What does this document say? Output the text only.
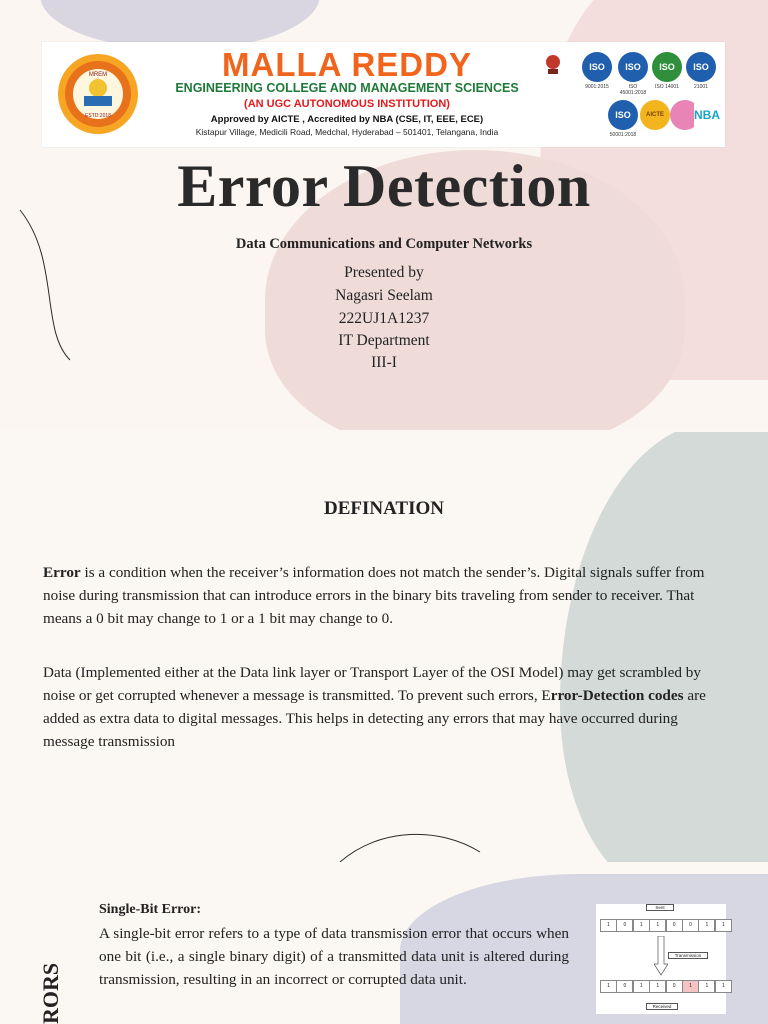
MREM
ESTD:2018
MALLA REDDY
ENGINEERING COLLEGE AND MANAGEMENT SCIENCES
(AN UGC AUTONOMOUS INSTITUTION)
Approved by AICTE , Accredited by NBA (CSE, IT, EEE, ECE)
Kistapur Village, Medicili Road, Medchal, Hyderabad – 501401, Telangana, India
ISO
9001:2015
ISO
ISO 45001:2018
ISO
ISO 14001
ISO
21001
ISO
50001:2018
AICTE	NBA
Error Detection
Data Communications and Computer Networks
Presented by
Nagasri Seelam
222UJ1A1237
IT Department
III-I
DEFINATION
Error is a condition when the receiver’s information does not match the sender’s. Digital signals suffer from noise during transmission that can introduce errors in the binary bits traveling from sender to receiver. That means a 0 bit may change to 1 or a 1 bit may change to 0.
Data (Implemented either at the Data link layer or Transport Layer of the OSI Model) may get scrambled by noise or get corrupted whenever a message is transmitted. To prevent such errors, Error-Detection codes are added as extra data to digital messages. This helps in detecting any errors that may have occurred during message transmission
RORS
Single-Bit Error:
A single-bit error refers to a type of data transmission error that occurs when one bit (i.e., a single binary digit) of a transmitted data unit is altered during transmission, resulting in an incorrect or corrupted data unit.
Sent
1	0	1	1	0	0	1	1
Transmission
1	0	1	1	0	1	1	1
Received
